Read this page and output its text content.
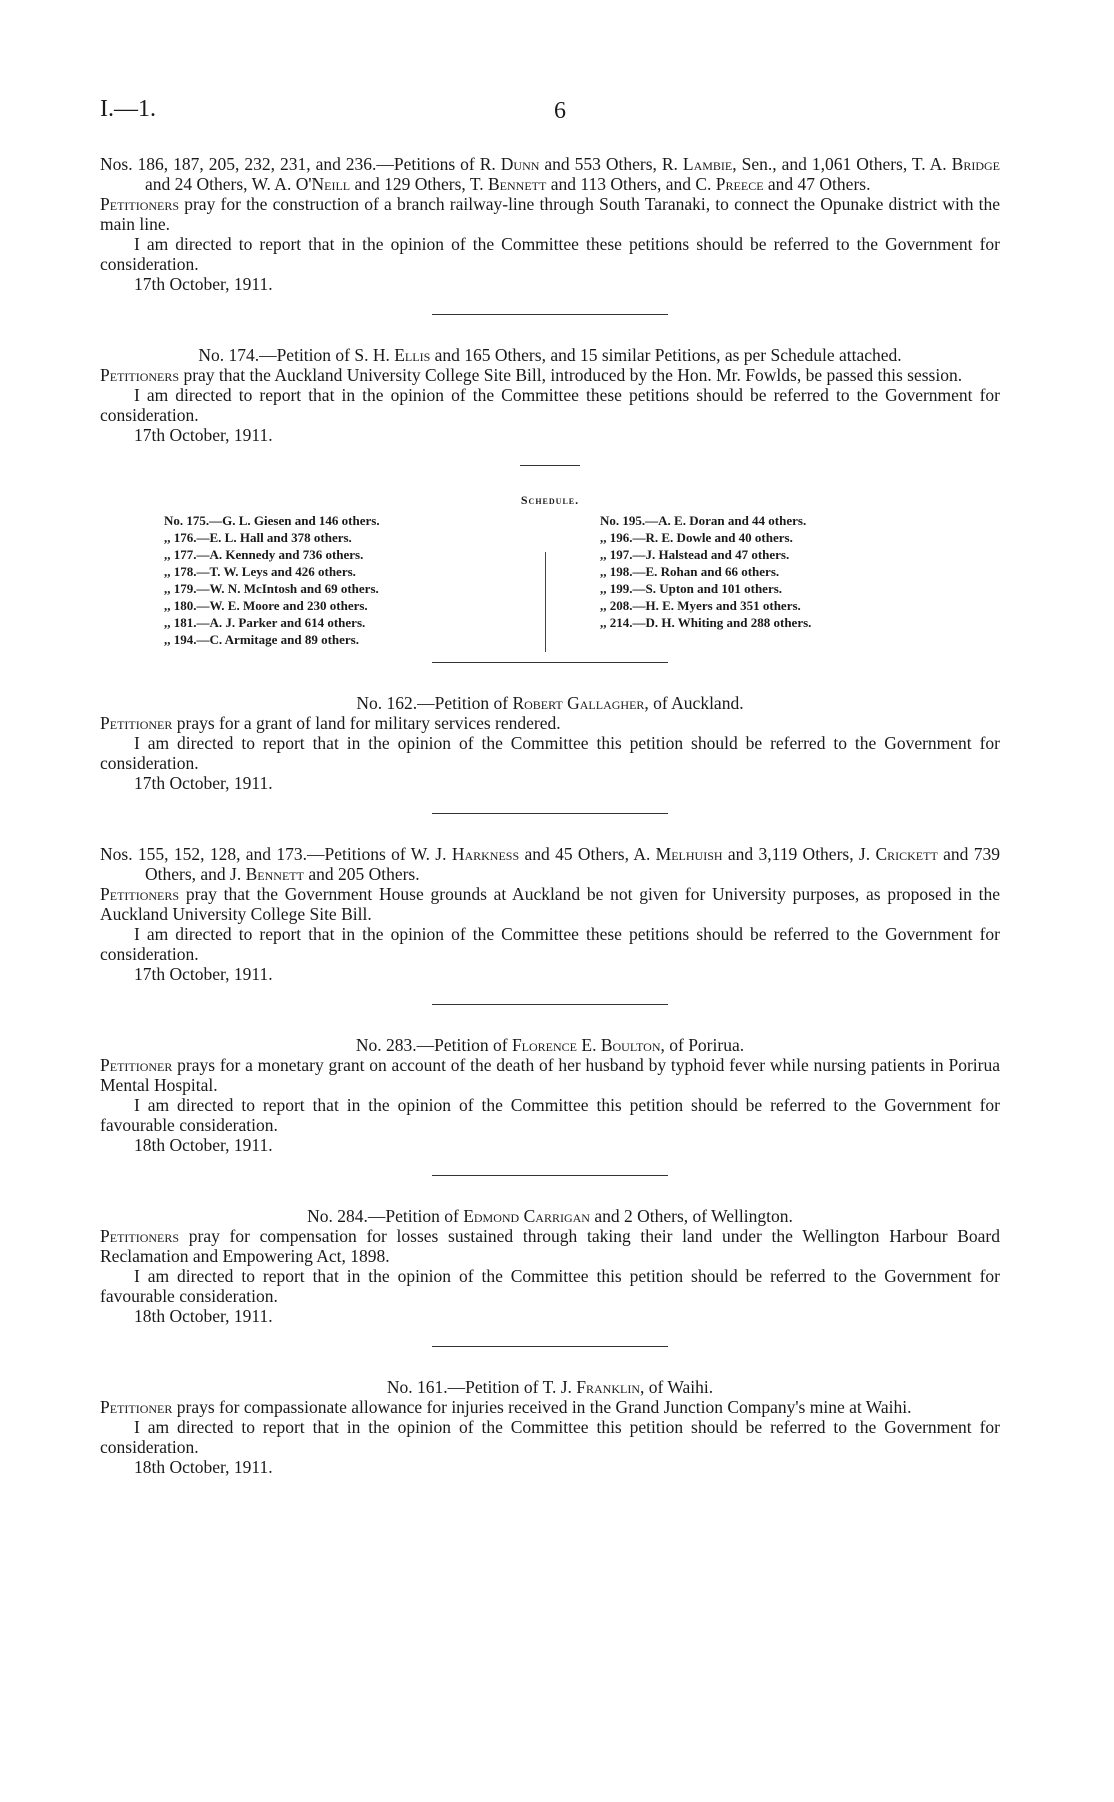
I.—1.	6

Nos. 186, 187, 205, 232, 231, and 236.—Petitions of R. Dunn and 553 Others, R. Lambie, Sen., and 1,061 Others, T. A. Bridge and 24 Others, W. A. O'Neill and 129 Others, T. Bennett and 113 Others, and C. Preece and 47 Others.

Petitioners pray for the construction of a branch railway-line through South Taranaki, to connect the Opunake district with the main line.

I am directed to report that in the opinion of the Committee these petitions should be referred to the Government for consideration.

17th October, 1911.

No. 174.—Petition of S. H. Ellis and 165 Others, and 15 similar Petitions, as per Schedule attached.

Petitioners pray that the Auckland University College Site Bill, introduced by the Hon. Mr. Fowlds, be passed this session.

I am directed to report that in the opinion of the Committee these petitions should be referred to the Government for consideration.

17th October, 1911.

Schedule.

No. 175.—G. L. Giesen and 146 others.

,, 176.—E. L. Hall and 378 others.

,, 177.—A. Kennedy and 736 others.

,, 178.—T. W. Leys and 426 others.

,, 179.—W. N. McIntosh and 69 others.

,, 180.—W. E. Moore and 230 others.

,, 181.—A. J. Parker and 614 others.

,, 194.—C. Armitage and 89 others.

No. 195.—A. E. Doran and 44 others.

,, 196.—R. E. Dowle and 40 others.

,, 197.—J. Halstead and 47 others.

,, 198.—E. Rohan and 66 others.

,, 199.—S. Upton and 101 others.

,, 208.—H. E. Myers and 351 others.

,, 214.—D. H. Whiting and 288 others.

No. 162.—Petition of Robert Gallagher, of Auckland.

Petitioner prays for a grant of land for military services rendered.

I am directed to report that in the opinion of the Committee this petition should be referred to the Government for consideration.

17th October, 1911.

Nos. 155, 152, 128, and 173.—Petitions of W. J. Harkness and 45 Others, A. Melhuish and 3,119 Others, J. Crickett and 739 Others, and J. Bennett and 205 Others.

Petitioners pray that the Government House grounds at Auckland be not given for University purposes, as proposed in the Auckland University College Site Bill.

I am directed to report that in the opinion of the Committee these petitions should be referred to the Government for consideration.

17th October, 1911.

No. 283.—Petition of Florence E. Boulton, of Porirua.

Petitioner prays for a monetary grant on account of the death of her husband by typhoid fever while nursing patients in Porirua Mental Hospital.

I am directed to report that in the opinion of the Committee this petition should be referred to the Government for favourable consideration.

18th October, 1911.

No. 284.—Petition of Edmond Carrigan and 2 Others, of Wellington.

Petitioners pray for compensation for losses sustained through taking their land under the Wellington Harbour Board Reclamation and Empowering Act, 1898.

I am directed to report that in the opinion of the Committee this petition should be referred to the Government for favourable consideration.

18th October, 1911.

No. 161.—Petition of T. J. Franklin, of Waihi.

Petitioner prays for compassionate allowance for injuries received in the Grand Junction Company's mine at Waihi.

I am directed to report that in the opinion of the Committee this petition should be referred to the Government for consideration.

18th October, 1911.
